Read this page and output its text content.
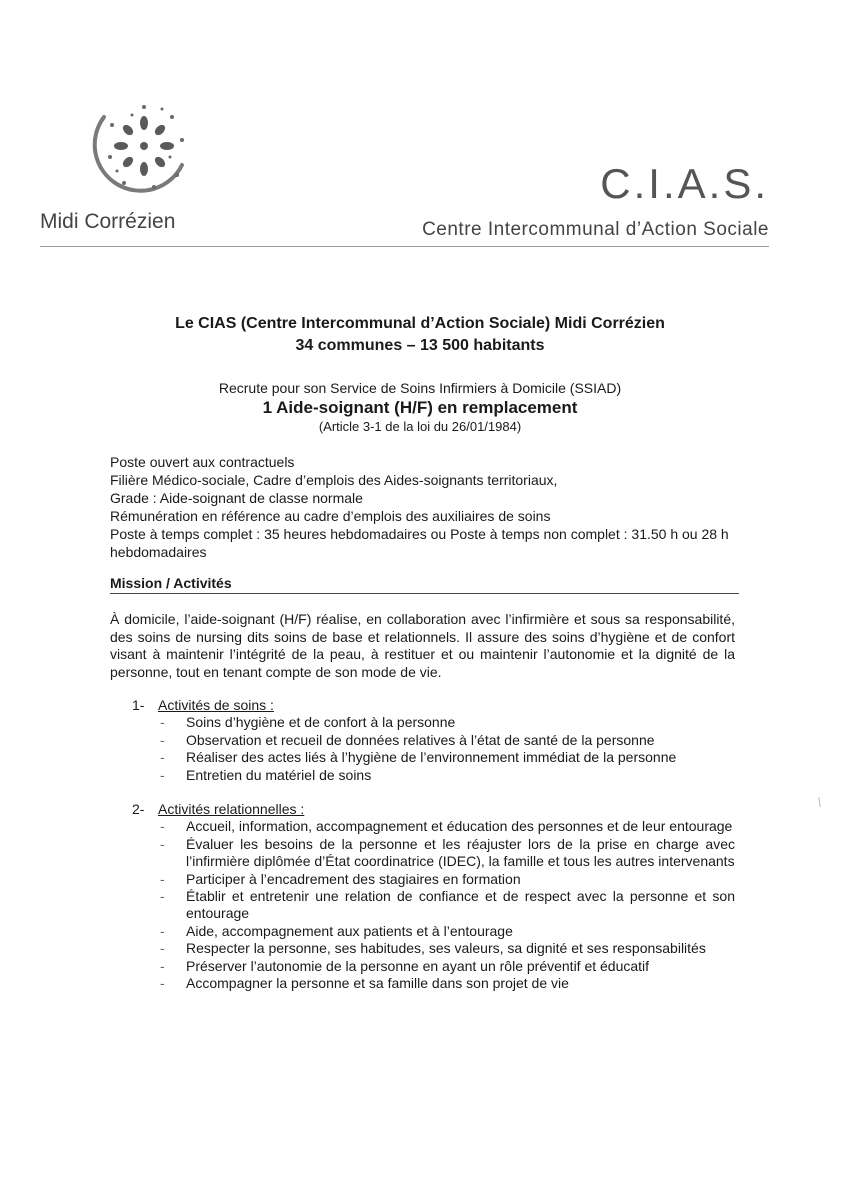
Midi Corrézien
C.I.A.S.
Centre Intercommunal d’Action Sociale
Le CIAS (Centre Intercommunal d’Action Sociale) Midi Corrézien
34 communes – 13 500 habitants
Recrute pour son Service de Soins Infirmiers à Domicile (SSIAD)
1 Aide-soignant (H/F) en remplacement
(Article 3-1 de la loi du 26/01/1984)
Poste ouvert aux contractuels
Filière Médico-sociale, Cadre d’emplois des Aides-soignants territoriaux,
Grade : Aide-soignant de classe normale
Rémunération en référence au cadre d’emplois des auxiliaires de soins
Poste à temps complet : 35 heures hebdomadaires ou Poste à temps non complet : 31.50 h ou 28 h
hebdomadaires
Mission / Activités
À domicile, l’aide-soignant (H/F) réalise, en collaboration avec l’infirmière et sous sa responsabilité, des soins de nursing dits soins de base et relationnels. Il assure des soins d’hygiène et de confort visant à maintenir l’intégrité de la peau, à restituer et ou maintenir l’autonomie et la dignité de la personne, tout en tenant compte de son mode de vie.
1- Activités de soins :
- Soins d’hygiène et de confort à la personne
- Observation et recueil de données relatives à l’état de santé de la personne
- Réaliser des actes liés à l’hygiène de l’environnement immédiat de la personne
- Entretien du matériel de soins
2- Activités relationnelles :
- Accueil, information, accompagnement et éducation des personnes et de leur entourage
- Évaluer les besoins de la personne et les réajuster lors de la prise en charge avec l’infirmière diplômée d’État coordinatrice (IDEC), la famille et tous les autres intervenants
- Participer à l’encadrement des stagiaires en formation
- Établir et entretenir une relation de confiance et de respect avec la personne et son entourage
- Aide, accompagnement aux patients et à l’entourage
- Respecter la personne, ses habitudes, ses valeurs, sa dignité et ses responsabilités
- Préserver l’autonomie de la personne en ayant un rôle préventif et éducatif
- Accompagner la personne et sa famille dans son projet de vie
